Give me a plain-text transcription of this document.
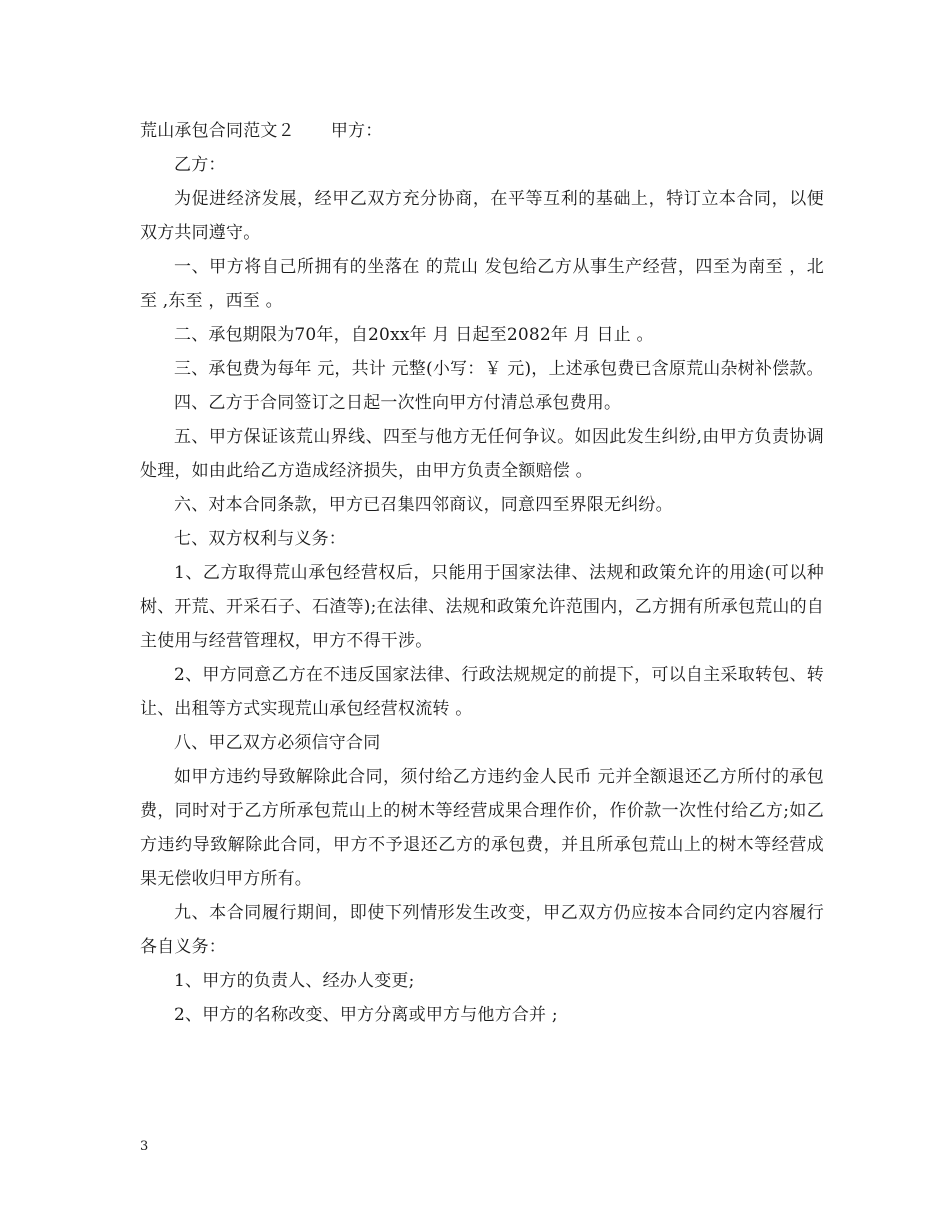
荒山承包合同范文２ 甲方：

乙方：

为促进经济发展，经甲乙双方充分协商，在平等互利的基础上，特订立本合同，以便双方共同遵守。

一、甲方将自己所拥有的坐落在 的荒山 发包给乙方从事生产经营，四至为南至 ，北至 ,东至 ，西至 。

二、承包期限为70年，自20xx年 月 日起至2082年 月 日止 。

三、承包费为每年 元，共计 元整(小写：￥ 元)，上述承包费已含原荒山杂树补偿款。

四、乙方于合同签订之日起一次性向甲方付清总承包费用。

五、甲方保证该荒山界线、四至与他方无任何争议。如因此发生纠纷,由甲方负责协调处理，如由此给乙方造成经济损失，由甲方负责全额赔偿 。

六、对本合同条款，甲方已召集四邻商议，同意四至界限无纠纷。

七、双方权利与义务：

1、乙方取得荒山承包经营权后，只能用于国家法律、法规和政策允许的用途(可以种树、开荒、开采石子、石渣等);在法律、法规和政策允许范围内，乙方拥有所承包荒山的自主使用与经营管理权，甲方不得干涉。

2、甲方同意乙方在不违反国家法律、行政法规规定的前提下，可以自主采取转包、转让、出租等方式实现荒山承包经营权流转 。

八、甲乙双方必须信守合同

如甲方违约导致解除此合同，须付给乙方违约金人民币 元并全额退还乙方所付的承包费，同时对于乙方所承包荒山上的树木等经营成果合理作价，作价款一次性付给乙方;如乙方违约导致解除此合同，甲方不予退还乙方的承包费，并且所承包荒山上的树木等经营成果无偿收归甲方所有。

九、本合同履行期间，即使下列情形发生改变，甲乙双方仍应按本合同约定内容履行各自义务：

1、甲方的负责人、经办人变更;

2、甲方的名称改变、甲方分离或甲方与他方合并 ;

3
